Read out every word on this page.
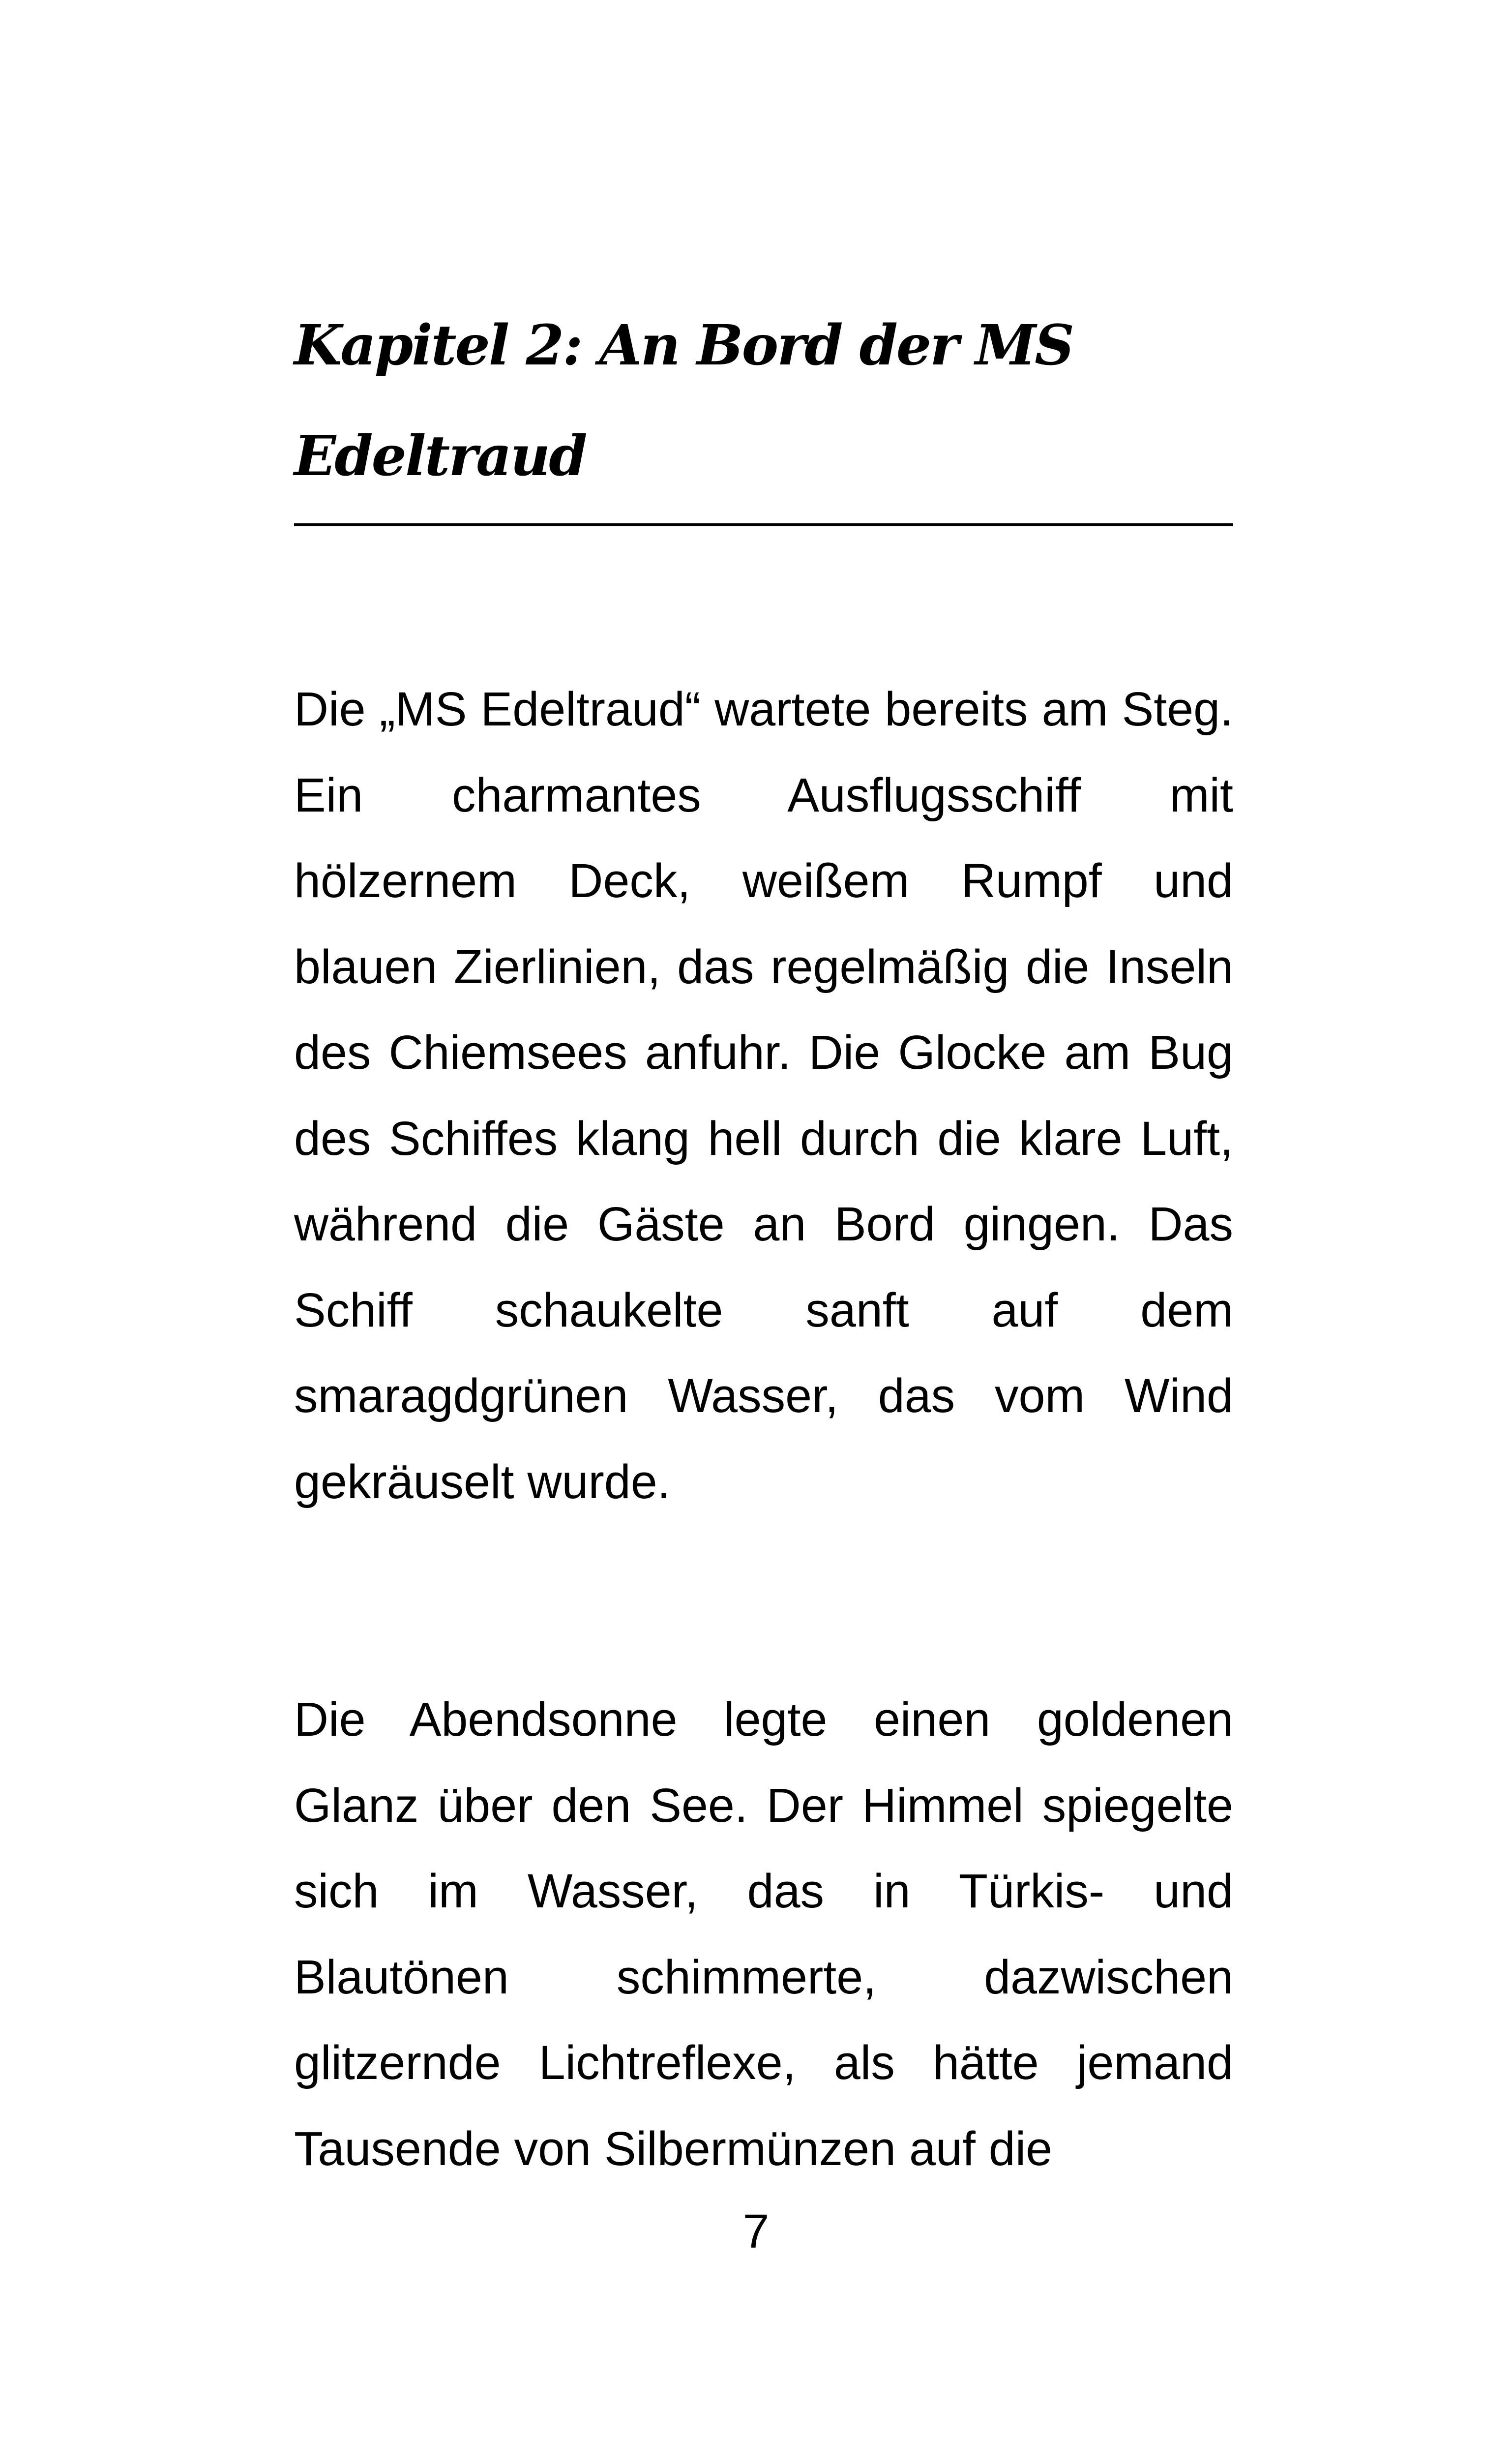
Kapitel 2: An Bord der MS Edeltraud

Die „MS Edeltraud“ wartete bereits am Steg. Ein charmantes Ausflugsschiff mit hölzernem Deck, weißem Rumpf und blauen Zierlinien, das regelmäßig die Inseln des Chiemsees anfuhr. Die Glocke am Bug des Schiffes klang hell durch die klare Luft, während die Gäste an Bord gingen. Das Schiff schaukelte sanft auf dem smaragdgrünen Wasser, das vom Wind gekräuselt wurde.

Die Abendsonne legte einen goldenen Glanz über den See. Der Himmel spiegelte sich im Wasser, das in Türkis- und Blautönen schimmerte, dazwischen glitzernde Lichtreflexe, als hätte jemand Tausende von Silbermünzen auf die

7
